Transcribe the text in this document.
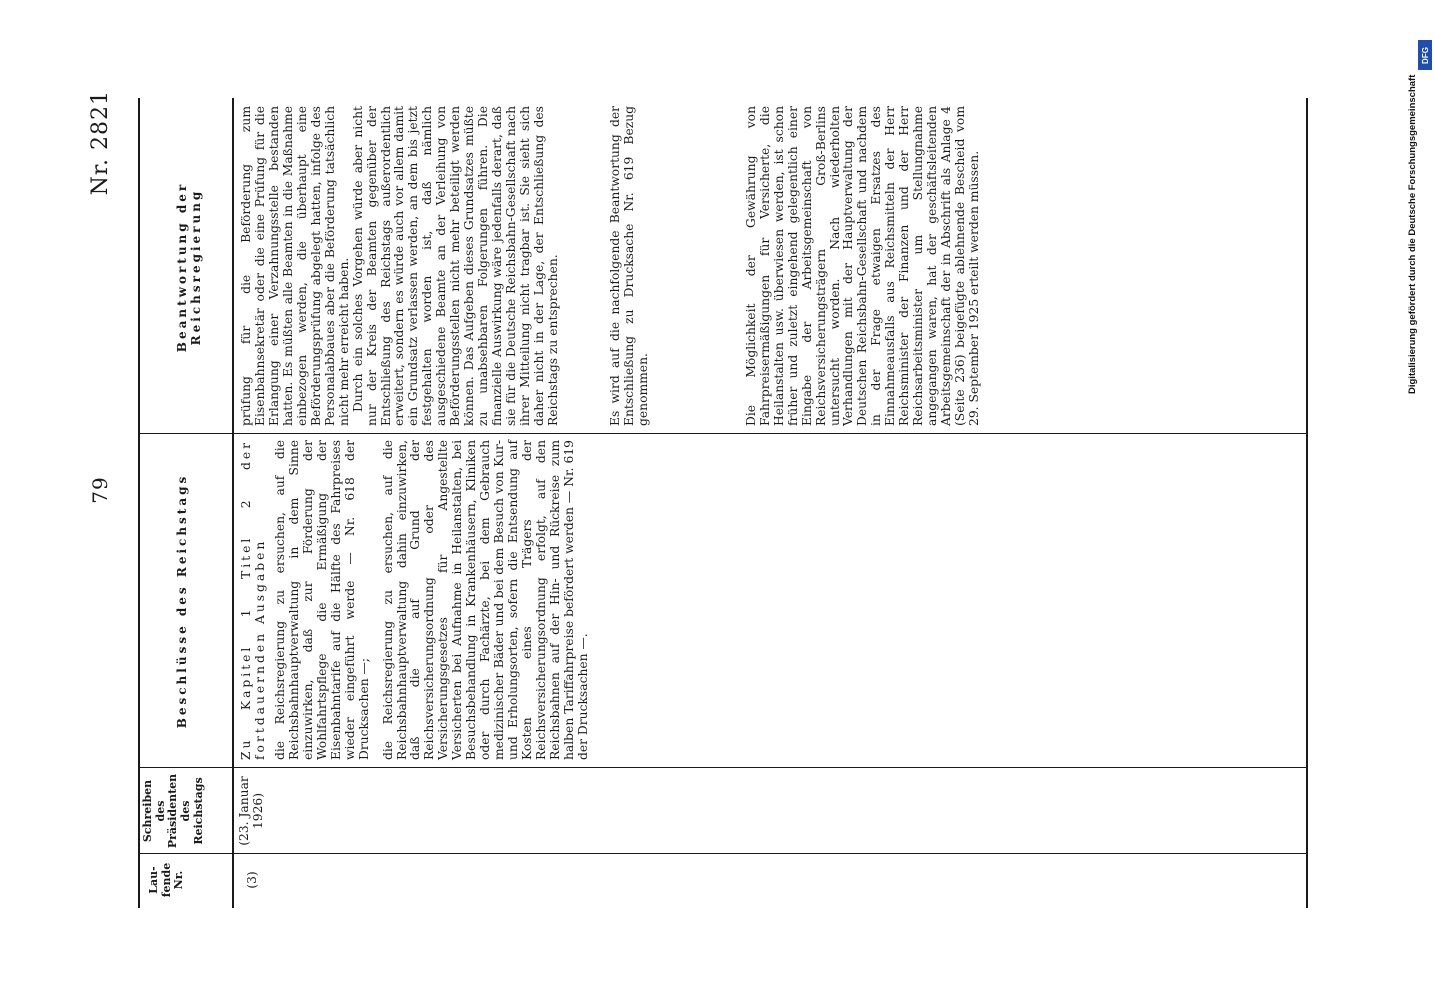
79
Nr. 2821
Lau-
fende
Nr.
Schreiben
des
Präsidenten
des
Reichstags
Beschlüsse des Reichstags
Beantwortung der Reichsregierung
(3)
(23. Januar
1926)
Zu Kapitel 1 Titel 2 der fortdauernden Ausgaben die Reichsregierung zu ersuchen, auf die Reichsbahnhauptverwaltung in dem Sinne einzuwirken, daß zur Förderung der Wohlfahrtspflege die Ermäßigung der Eisenbahntarife auf die Hälfte des Fahrpreises wieder eingeführt werde — Nr. 618 der Drucksachen —; die Reichsregierung zu ersuchen, auf die Reichsbahnhauptverwaltung dahin einzuwirken, daß die auf Grund der Reichsversicherungsordnung oder des Versicherungsgesetzes für Angestellte Versicherten bei Aufnahme in Heilanstalten, bei Besuchsbehandlung in Krankenhäusern, Kliniken oder durch Fachärzte, bei dem Gebrauch medizinischer Bäder und bei dem Besuch von Kur- und Erholungsorten, sofern die Entsendung auf Kosten eines Trägers der Reichsversicherungsordnung erfolgt, auf den Reichsbahnen auf der Hin- und Rückreise zum halben Tariffahrpreise befördert werden — Nr. 619 der Drucksachen —.

prüfung für die Beförderung zum Eisenbahnsekretär oder die eine Prüfung für die Erlangung einer Verzahnungsstelle bestanden hatten. Es müßten alle Beamten in die Maßnahme einbezogen werden, die überhaupt eine Beförderungsprüfung abgelegt hatten, infolge des Personalabbaues aber die Beförderung tatsächlich nicht mehr erreicht haben. Durch ein solches Vorgehen würde aber nicht nur der Kreis der Beamten gegenüber der Entschließung des Reichstags außerordentlich erweitert, sondern es würde auch vor allem damit ein Grundsatz verlassen werden, an dem bis jetzt festgehalten worden ist, daß nämlich ausgeschiedene Beamte an der Verleihung von Beförderungsstellen nicht mehr beteiligt werden können. Das Aufgeben dieses Grundsatzes müßte zu unabsehbaren Folgerungen führen. Die finanzielle Auswirkung wäre jedenfalls derart, daß sie für die Deutsche Reichsbahn-Gesellschaft nach ihrer Mitteilung nicht tragbar ist. Sie sieht sich daher nicht in der Lage, der Entschließung des Reichstags zu entsprechen.	Es wird auf die nachfolgende Beantwortung der Entschließung zu Drucksache Nr. 619 Bezug genommen.	Die Möglichkeit der Gewährung von Fahrpreisermäßigungen für Versicherte, die Heilanstalten usw. überwiesen werden, ist schon früher und zuletzt eingehend gelegentlich einer Eingabe der Arbeitsgemeinschaft von Reichsversicherungsträgern Groß-Berlins untersucht worden. Nach wiederholten Verhandlungen mit der Hauptverwaltung der Deutschen Reichsbahn-Gesellschaft und nachdem in der Frage etwaigen Ersatzes des Einnahmeausfalls aus Reichsmitteln der Herr Reichsminister der Finanzen und der Herr Reichsarbeitsminister um Stellungnahme angegangen waren, hat der geschäftsleitenden Arbeitsgemeinschaft der in Abschrift als Anlage 4 (Seite 236) beigefügte ablehnende Bescheid vom 29. September 1925 erteilt werden müssen.

DFG
Digitalisierung gefördert durch die Deutsche Forschungsgemeinschaft
